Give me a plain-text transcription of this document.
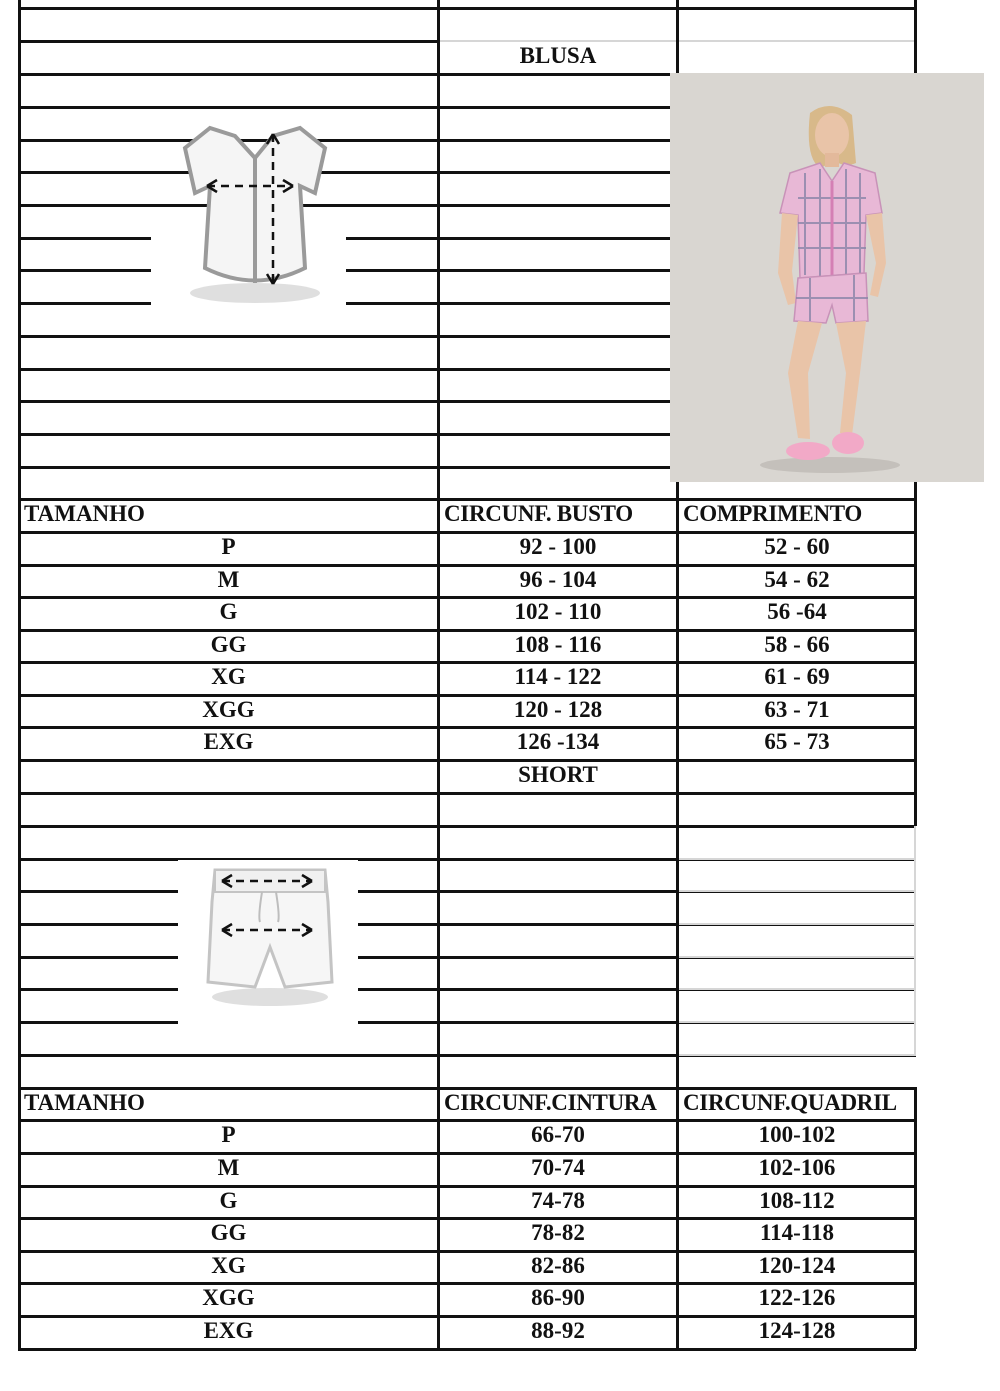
BLUSA
SHORT
TAMANHO	CIRCUNF. BUSTO	COMPRIMENTO
P	92 - 100	52 - 60
M	96 - 104	54 - 62
G	102 - 110	56 -64
GG	108 - 116	58 - 66
XG	114 - 122	61 - 69
XGG	120 - 128	63 - 71
EXG	126 -134	65 - 73
TAMANHO	CIRCUNF.CINTURA	CIRCUNF.QUADRIL
P	66-70	100-102
M	70-74	102-106
G	74-78	108-112
GG	78-82	114-118
XG	82-86	120-124
XGG	86-90	122-126
EXG	88-92	124-128
